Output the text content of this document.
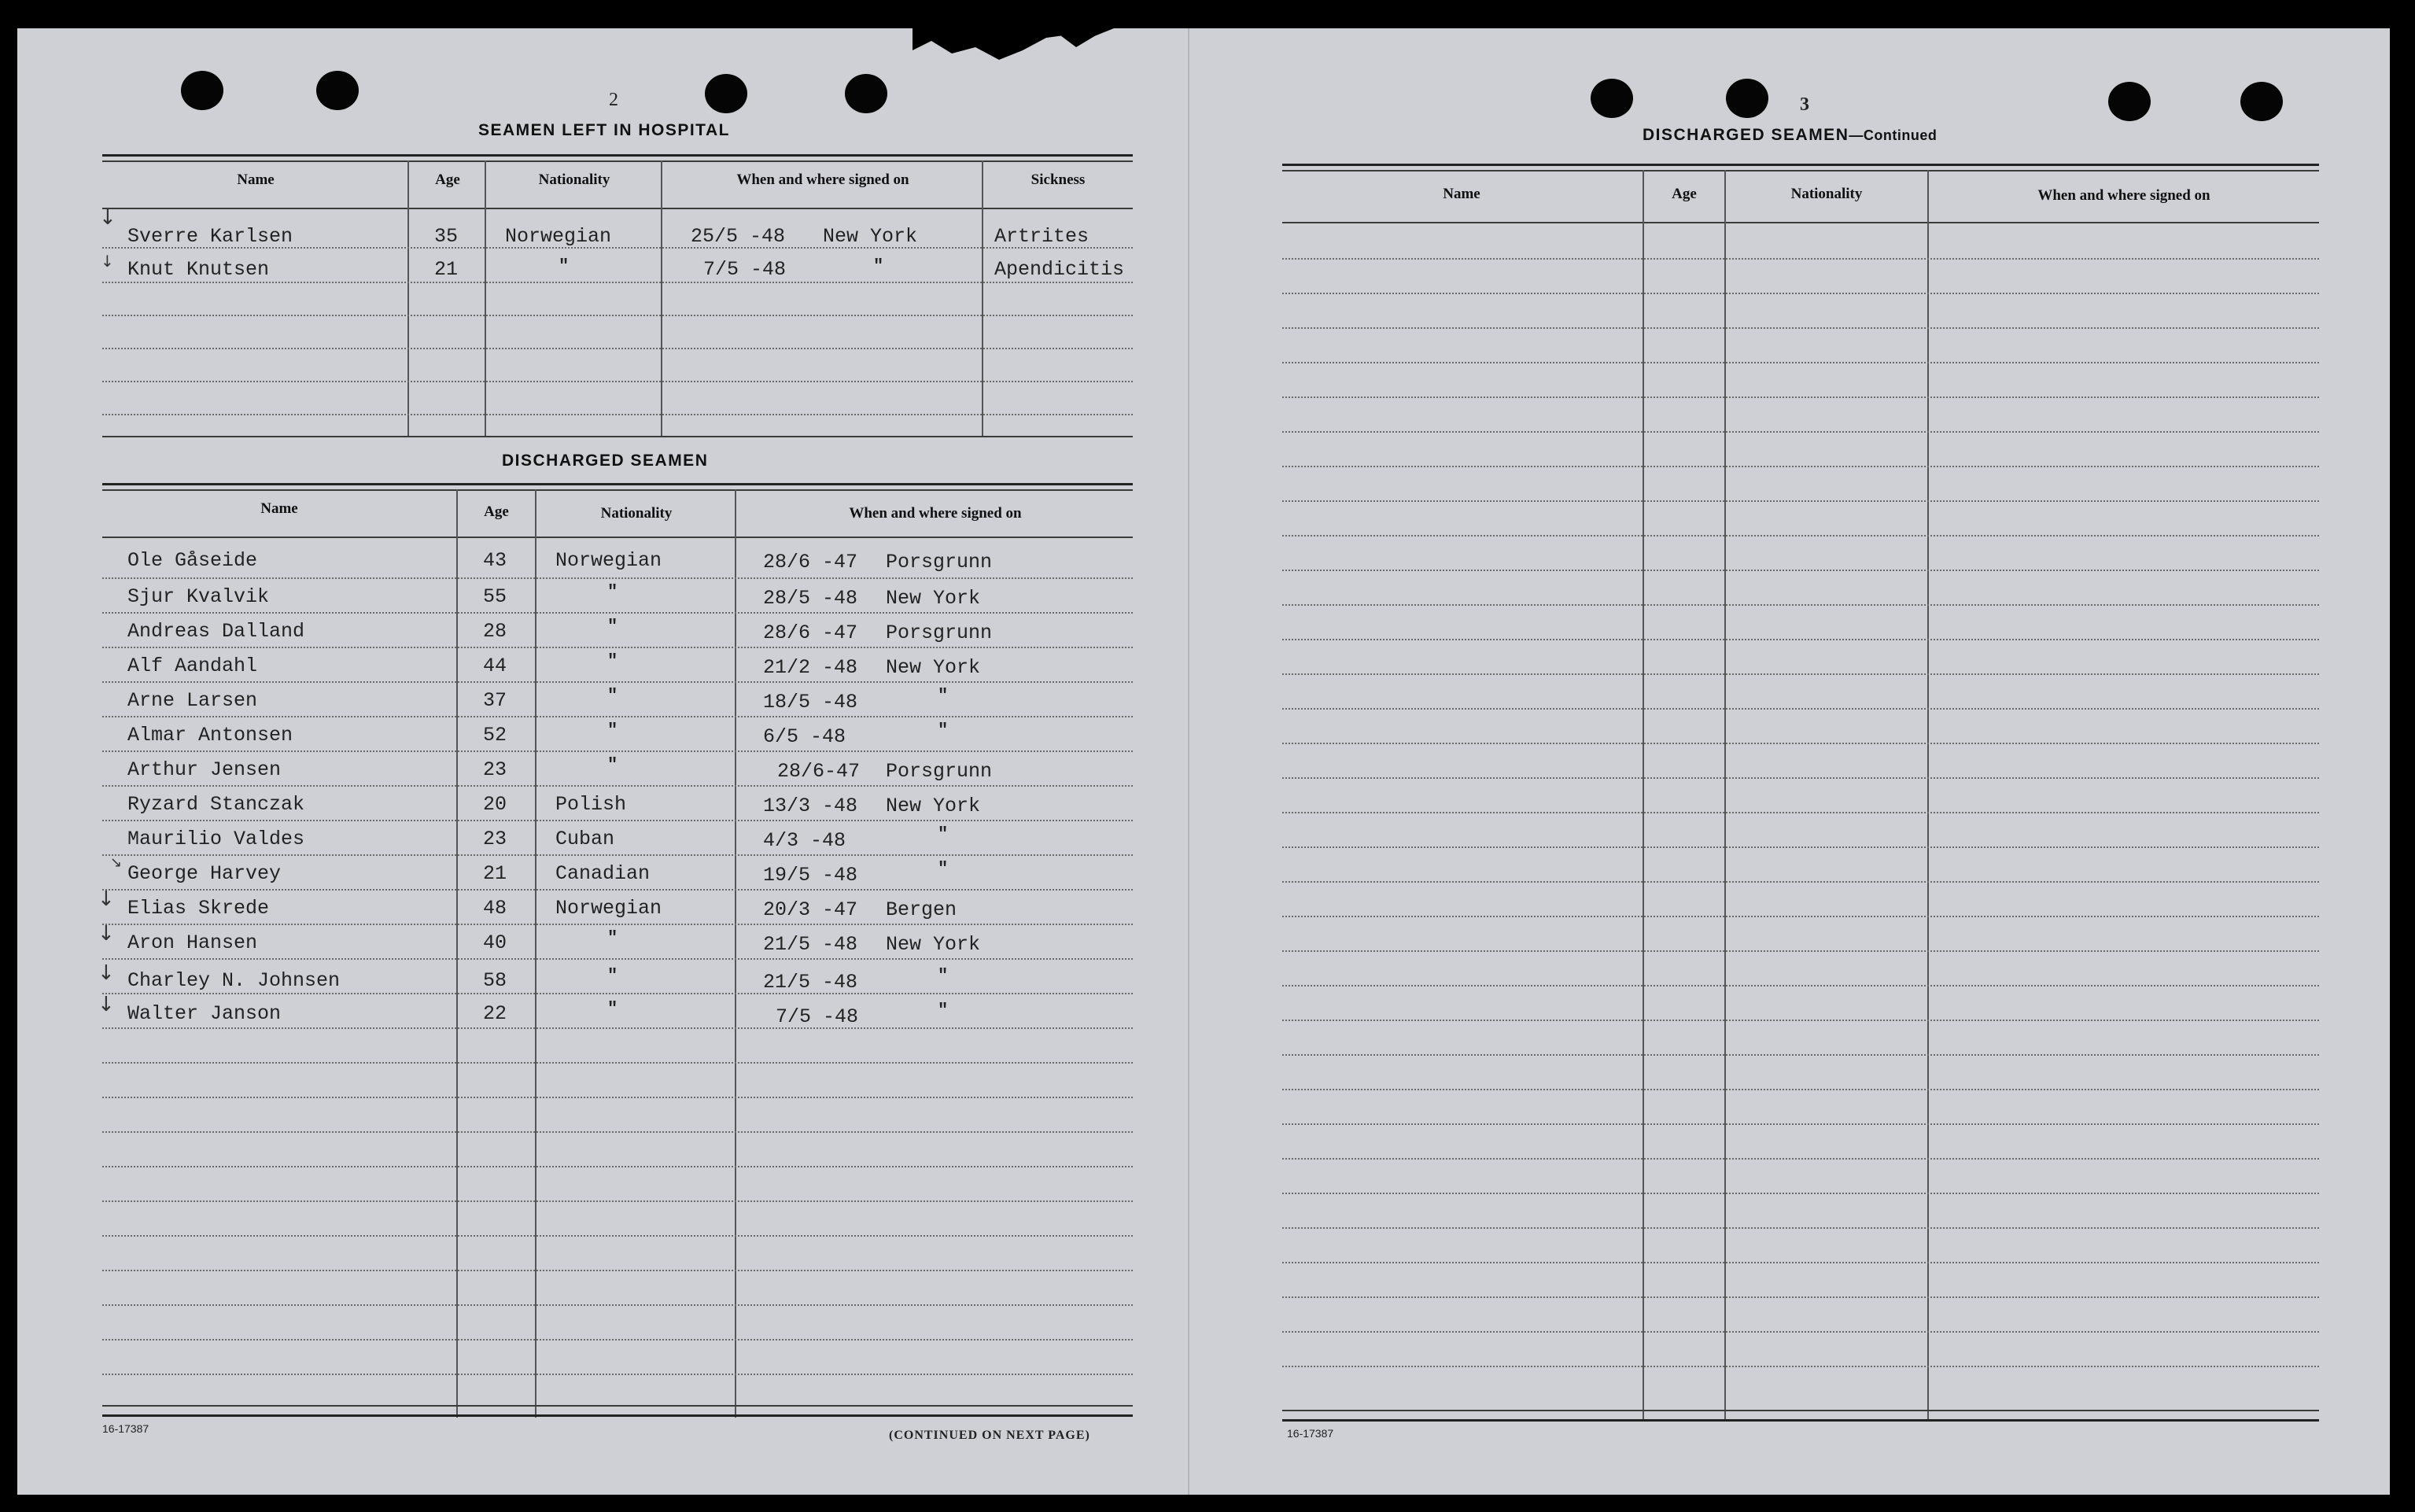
2
SEAMEN LEFT IN HOSPITAL
Name	Age	Nationality	When and where signed on	Sickness
↓
↓
Sverre Karlsen	35 Norwegian	25/5 -48 New York	Artrites
Knut Knutsen	21	"	7/5 -48	"	Apendicitis
DISCHARGED SEAMEN
Name	Age	Nationality	When and where signed on
↘
↓
↓
↓
↓
Ole Gåseide	43 Norwegian	28/6 -47 Porsgrunn
Sjur Kvalvik	55	"	28/5 -48 New York
Andreas Dalland	28	"	28/6 -47 Porsgrunn
Alf Aandahl	44	"	21/2 -48 New York
Arne Larsen	37	"	18/5 -48	"
Almar Antonsen	52	"	6/5 -48	"
Arthur Jensen	23	"	28/6-47 Porsgrunn
Ryzard Stanczak	20 Polish	13/3 -48 New York
Maurilio Valdes	23 Cuban	4/3 -48	"
George Harvey	21 Canadian	19/5 -48	"
Elias Skrede	48 Norwegian	20/3 -47 Bergen
Aron Hansen	40	"	21/5 -48 New York
Charley N. Johnsen	58	"	21/5 -48	"
Walter Janson	22	"	7/5 -48	"
16-17387	(CONTINUED ON NEXT PAGE)
3
DISCHARGED SEAMEN—Continued
Name	Age	Nationality	When and where signed on
16-17387
